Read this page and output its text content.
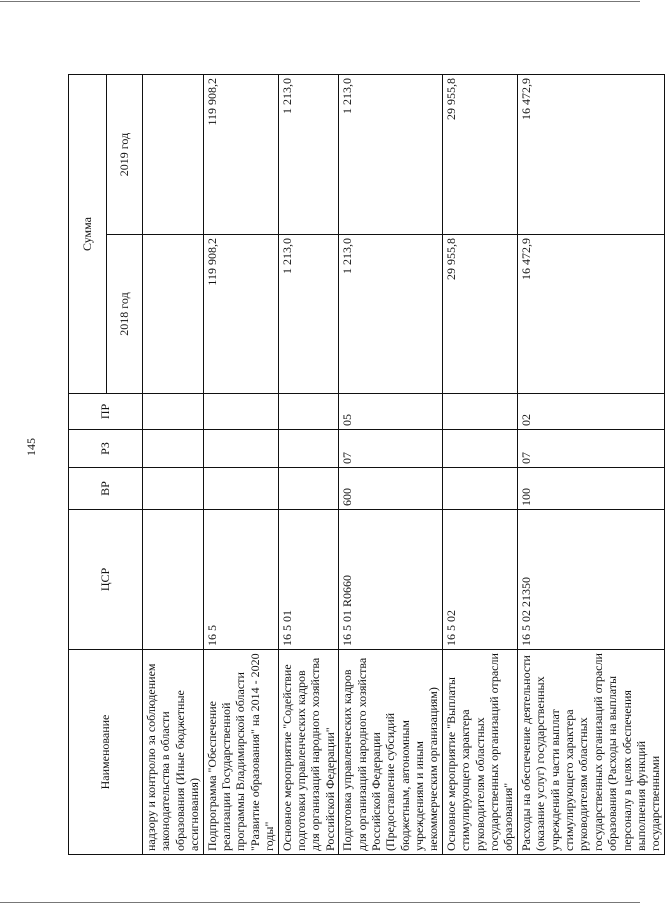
145
Наименование	ЦСР	ВР	РЗ	ПР	Сумма	
					2018 год	2019 год
надзору и контролю за соблюдением законодательства в области образования (Иные бюджетные ассигнования)						
Подпрограмма "Обеспечение реализации Государственной программы Владимирской области "Развитие образования" на 2014 - 2020 годы"	16 5				119 908,2	119 908,2
Основное мероприятие "Содействие подготовки управленческих кадров для организаций народного хозяйства Российской Федерации"	16 5 01				1 213,0	1 213,0
Подготовка управленческих кадров для организаций народного хозяйства Российской Федерации (Предоставление субсидий бюджетным, автономным учреждениям и иным некоммерческим организациям)	16 5 01 R0660	600	07	05	1 213,0	1 213,0
Основное мероприятие "Выплаты стимулирующего характера руководителям областных государственных организаций отрасли образования"	16 5 02				29 955,8	29 955,8
Расходы на обеспечение деятельности (оказание услуг) государственных учреждений в части выплат стимулирующего характера руководителям областных государственных организаций отрасли образования (Расходы на выплаты персоналу в целях обеспечения выполнения функций государственными	16 5 02 21350	100	07	02	16 472,9	16 472,9
